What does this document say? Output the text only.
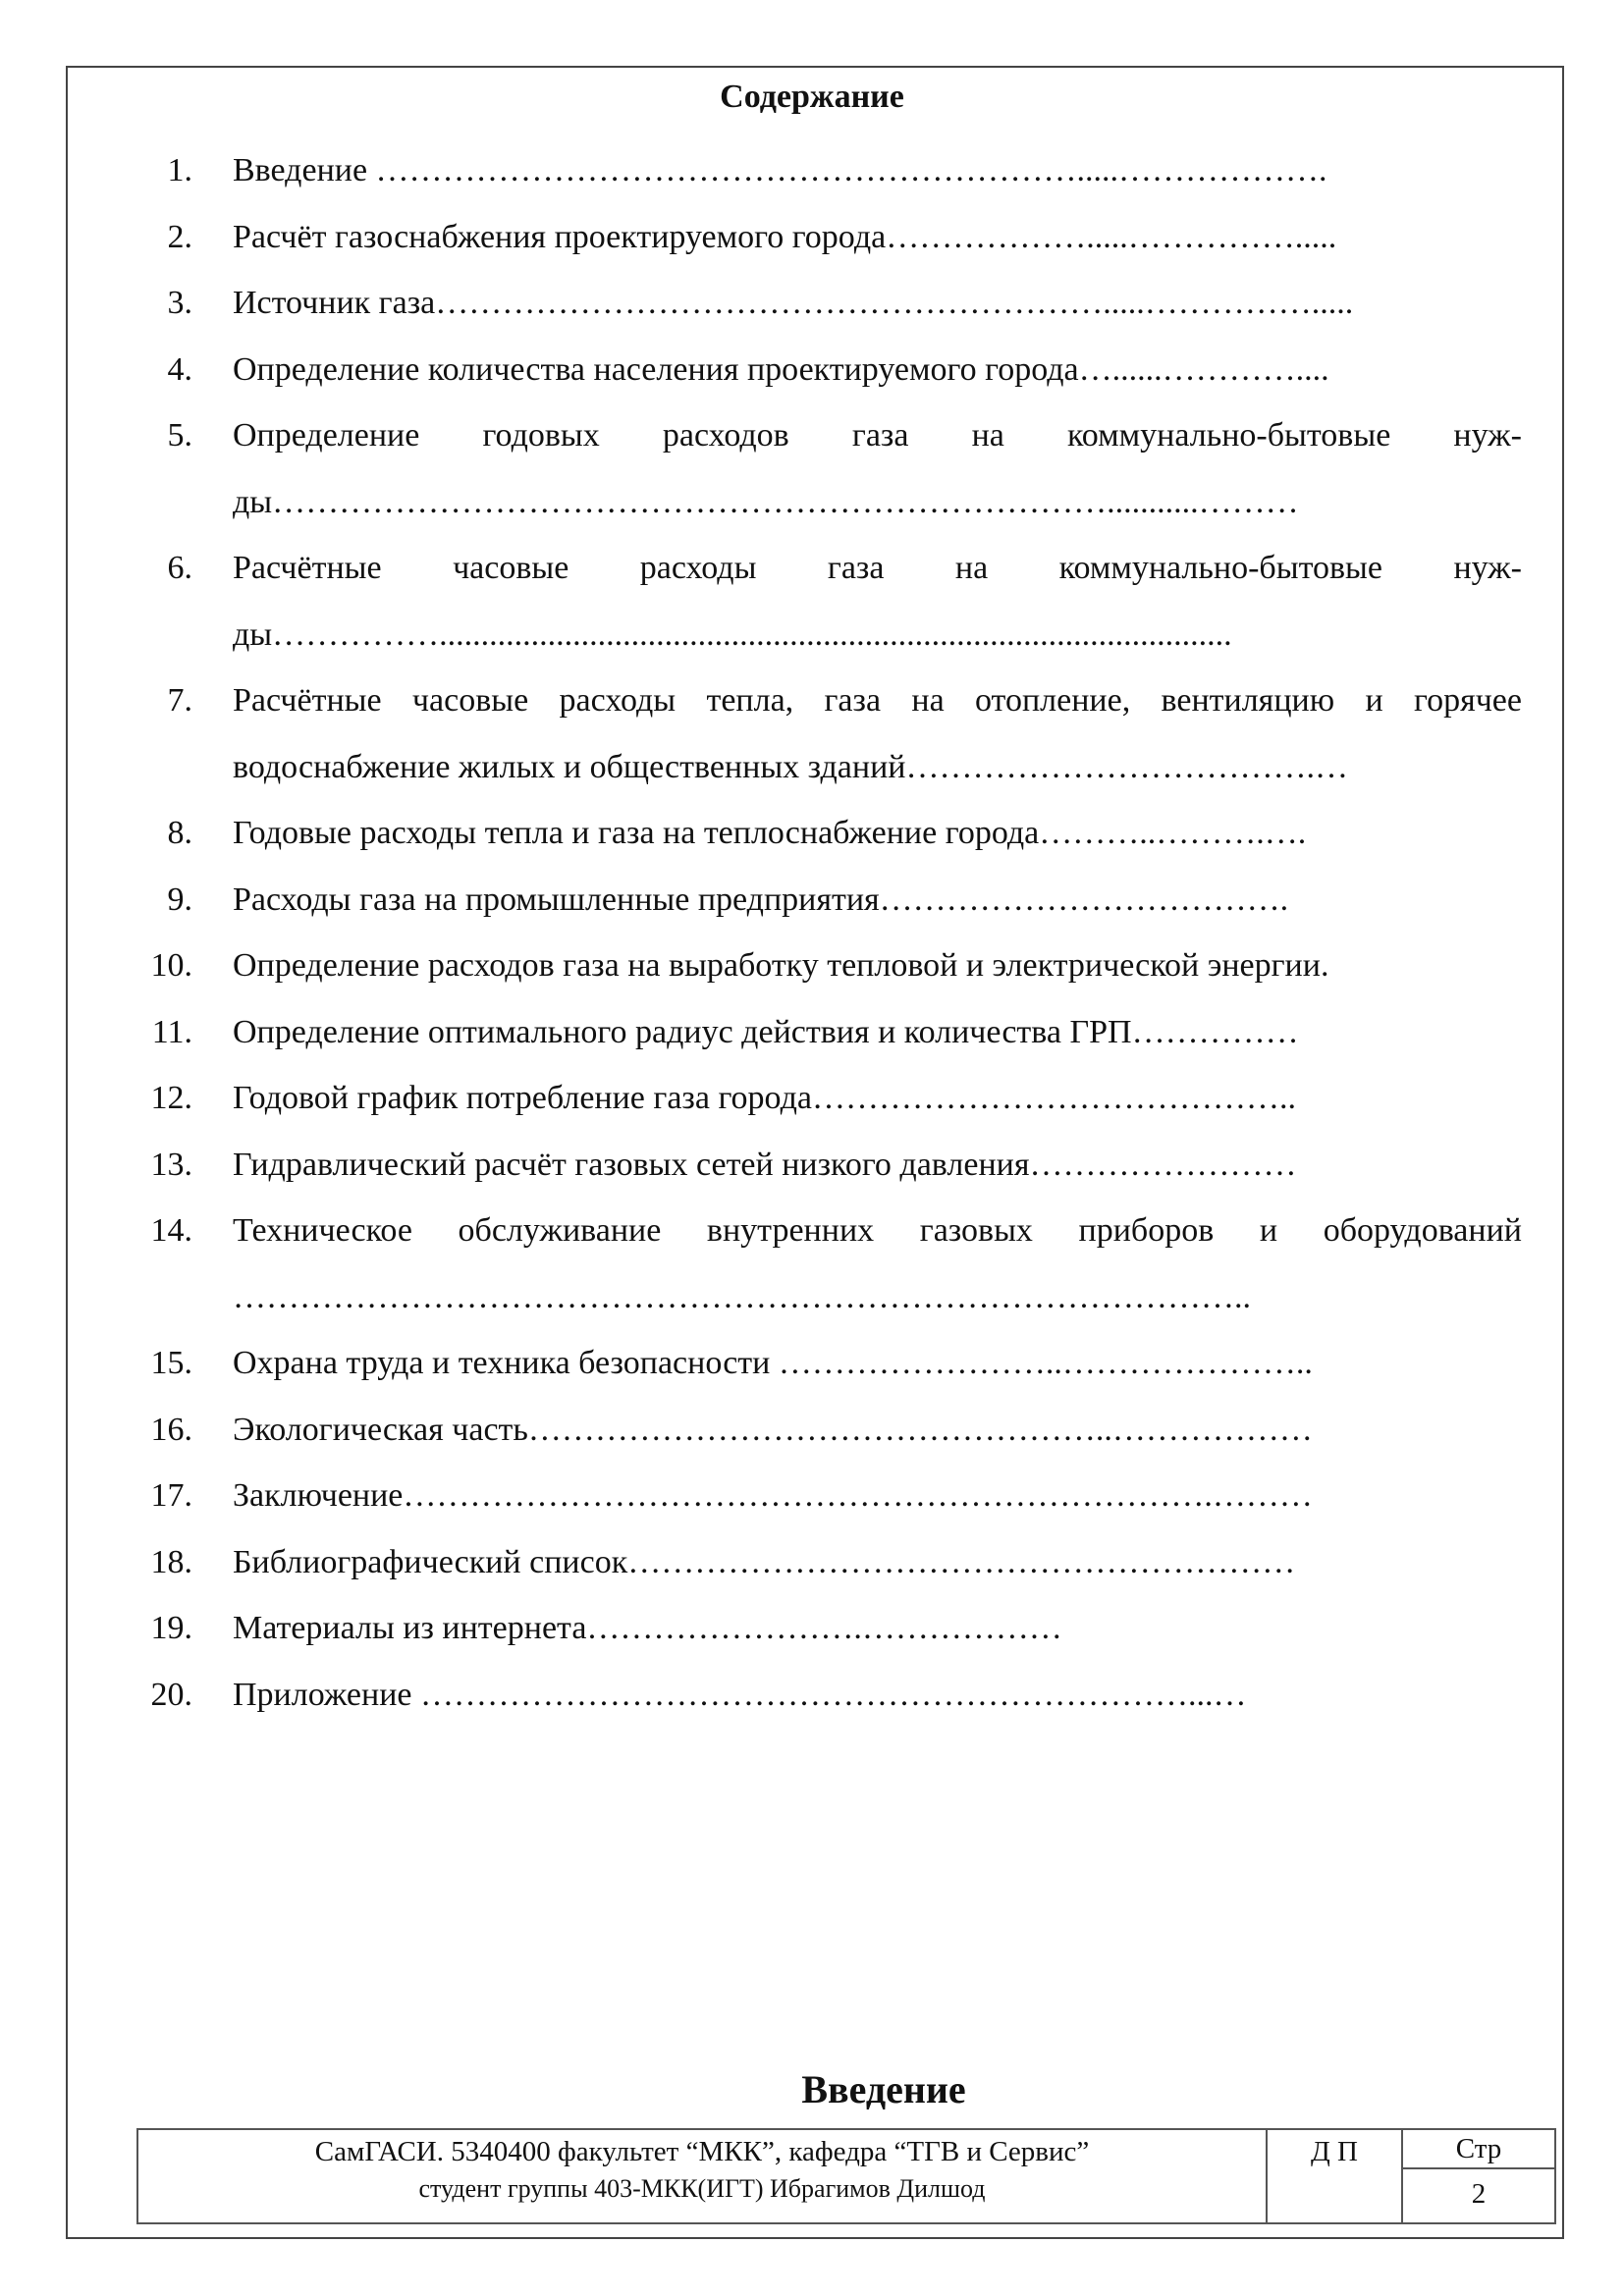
Содержание
1. Введение ……………………………………………………….....……………….
2. Расчёт газоснабжения проектируемого города……………….....…………….....
3. Источник газа…………………………………………………….....…………….....
4. Определение количества населения проектируемого города…......…………....
5. Определение годовых расходов газа на коммунально-бытовые нуж-
ды…………………………………………………………………...........………
6. Расчётные часовые расходы газа на коммунально-бытовые нуж-
ды……………...............................................................................................
7. Расчётные часовые расходы тепла, газа на отопление, вентиляцию и горячее
водоснабжение жилых и общественных зданий……………………………….…
8. Годовые расходы тепла и газа на теплоснабжение города………..……….….
9. Расходы газа на промышленные предприятия……………………………….
10. Определение расходов газа на выработку тепловой и электрической энергии.
11. Определение оптимального радиус действия и количества ГРП……………
12. Годовой график потребление газа города……………………………………..
13. Гидравлический расчёт газовых сетей низкого давления……………………
14. Техническое обслуживание внутренних газовых приборов и оборудований
………………………………………………………………………………..
15. Охрана труда и техника безопасности ……………………..…………………..
16. Экологическая часть……………………………………………..………………
17. Заключение……………………………………………………………….………
18. Библиографический список……………………………………………………
19. Материалы из интернета…………………….………………
20. Приложение ……………………………………………………………...…
Введение
СамГАСИ. 5340400 факультет “МКК”, кафедра “ТГВ и Сервис”
студент группы 403-МКК(ИГТ) Ибрагимов Дилшод
Д П	Стр
2
